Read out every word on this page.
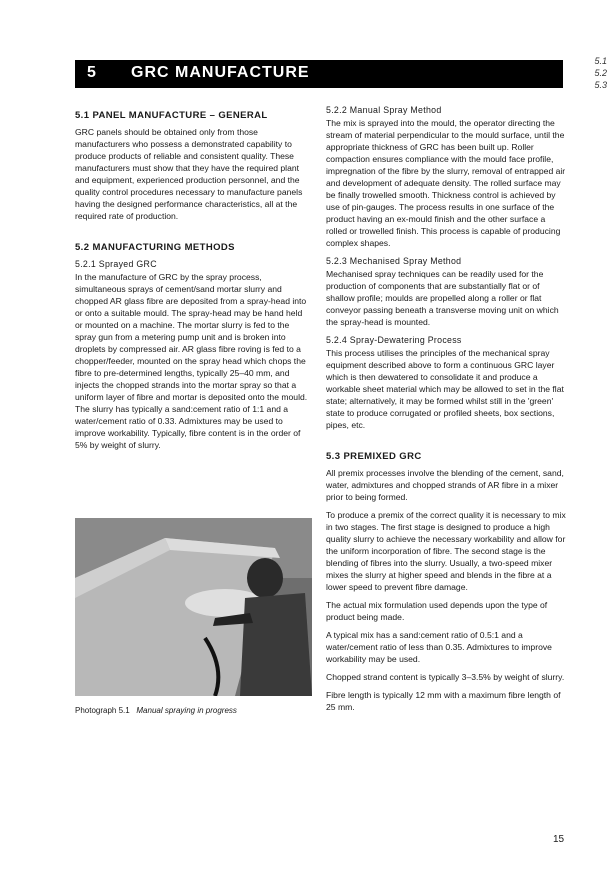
5.1
5.2
5.3
5 GRC MANUFACTURE
5.1 PANEL MANUFACTURE – GENERAL

GRC panels should be obtained only from those manufacturers who possess a demonstrated capability to produce products of reliable and consistent quality. These manufacturers must show that they have the required plant and equipment, experienced production personnel, and the quality control procedures necessary to manufacture panels having the designed performance characteristics, all at the required rate of production.

5.2 MANUFACTURING METHODS
5.2.1 Sprayed GRC

In the manufacture of GRC by the spray process, simultaneous sprays of cement/sand mortar slurry and chopped AR glass fibre are deposited from a spray-head into or onto a suitable mould. The spray-head may be hand held or mounted on a machine. The mortar slurry is fed to the spray gun from a metering pump unit and is broken into droplets by compressed air. AR glass fibre roving is fed to a chopper/feeder, mounted on the spray head which chops the fibre to pre-determined lengths, typically 25–40 mm, and injects the chopped strands into the mortar spray so that a uniform layer of fibre and mortar is deposited onto the mould. The slurry has typically a sand:cement ratio of 1:1 and a water/cement ratio of 0.33. Admixtures may be used to improve workability. Typically, fibre content is in the order of 5% by weight of slurry.

Photograph 5.1 Manual spraying in progress
5.2.2 Manual Spray Method

The mix is sprayed into the mould, the operator directing the stream of material perpendicular to the mould surface, until the appropriate thickness of GRC has been built up. Roller compaction ensures compliance with the mould face profile, impregnation of the fibre by the slurry, removal of entrapped air and development of adequate density. The rolled surface may be finally trowelled smooth. Thickness control is achieved by use of pin-gauges. The process results in one surface of the product having an ex-mould finish and the other surface a rolled or trowelled finish. This process is capable of producing complex shapes.

5.2.3 Mechanised Spray Method

Mechanised spray techniques can be readily used for the production of components that are substantially flat or of shallow profile; moulds are propelled along a roller or flat conveyor passing beneath a transverse moving unit on which the spray-head is mounted.

5.2.4 Spray-Dewatering Process

This process utilises the principles of the mechanical spray equipment described above to form a continuous GRC layer which is then dewatered to consolidate it and produce a workable sheet material which may be allowed to set in the flat state; alternatively, it may be formed whilst still in the 'green' state to produce corrugated or profiled sheets, box sections, pipes, etc.

5.3 PREMIXED GRC

All premix processes involve the blending of the cement, sand, water, admixtures and chopped strands of AR fibre in a mixer prior to being formed.

To produce a premix of the correct quality it is necessary to mix in two stages. The first stage is designed to produce a high quality slurry to achieve the necessary workability and allow for the uniform incorporation of fibre. The second stage is the blending of fibres into the slurry. Usually, a two-speed mixer mixes the slurry at higher speed and blends in the fibre at a lower speed to prevent fibre damage.

The actual mix formulation used depends upon the type of product being made.

A typical mix has a sand:cement ratio of 0.5:1 and a water/cement ratio of less than 0.35. Admixtures to improve workability may be used.

Chopped strand content is typically 3–3.5% by weight of slurry.

Fibre length is typically 12 mm with a maximum fibre length of 25 mm.

15
